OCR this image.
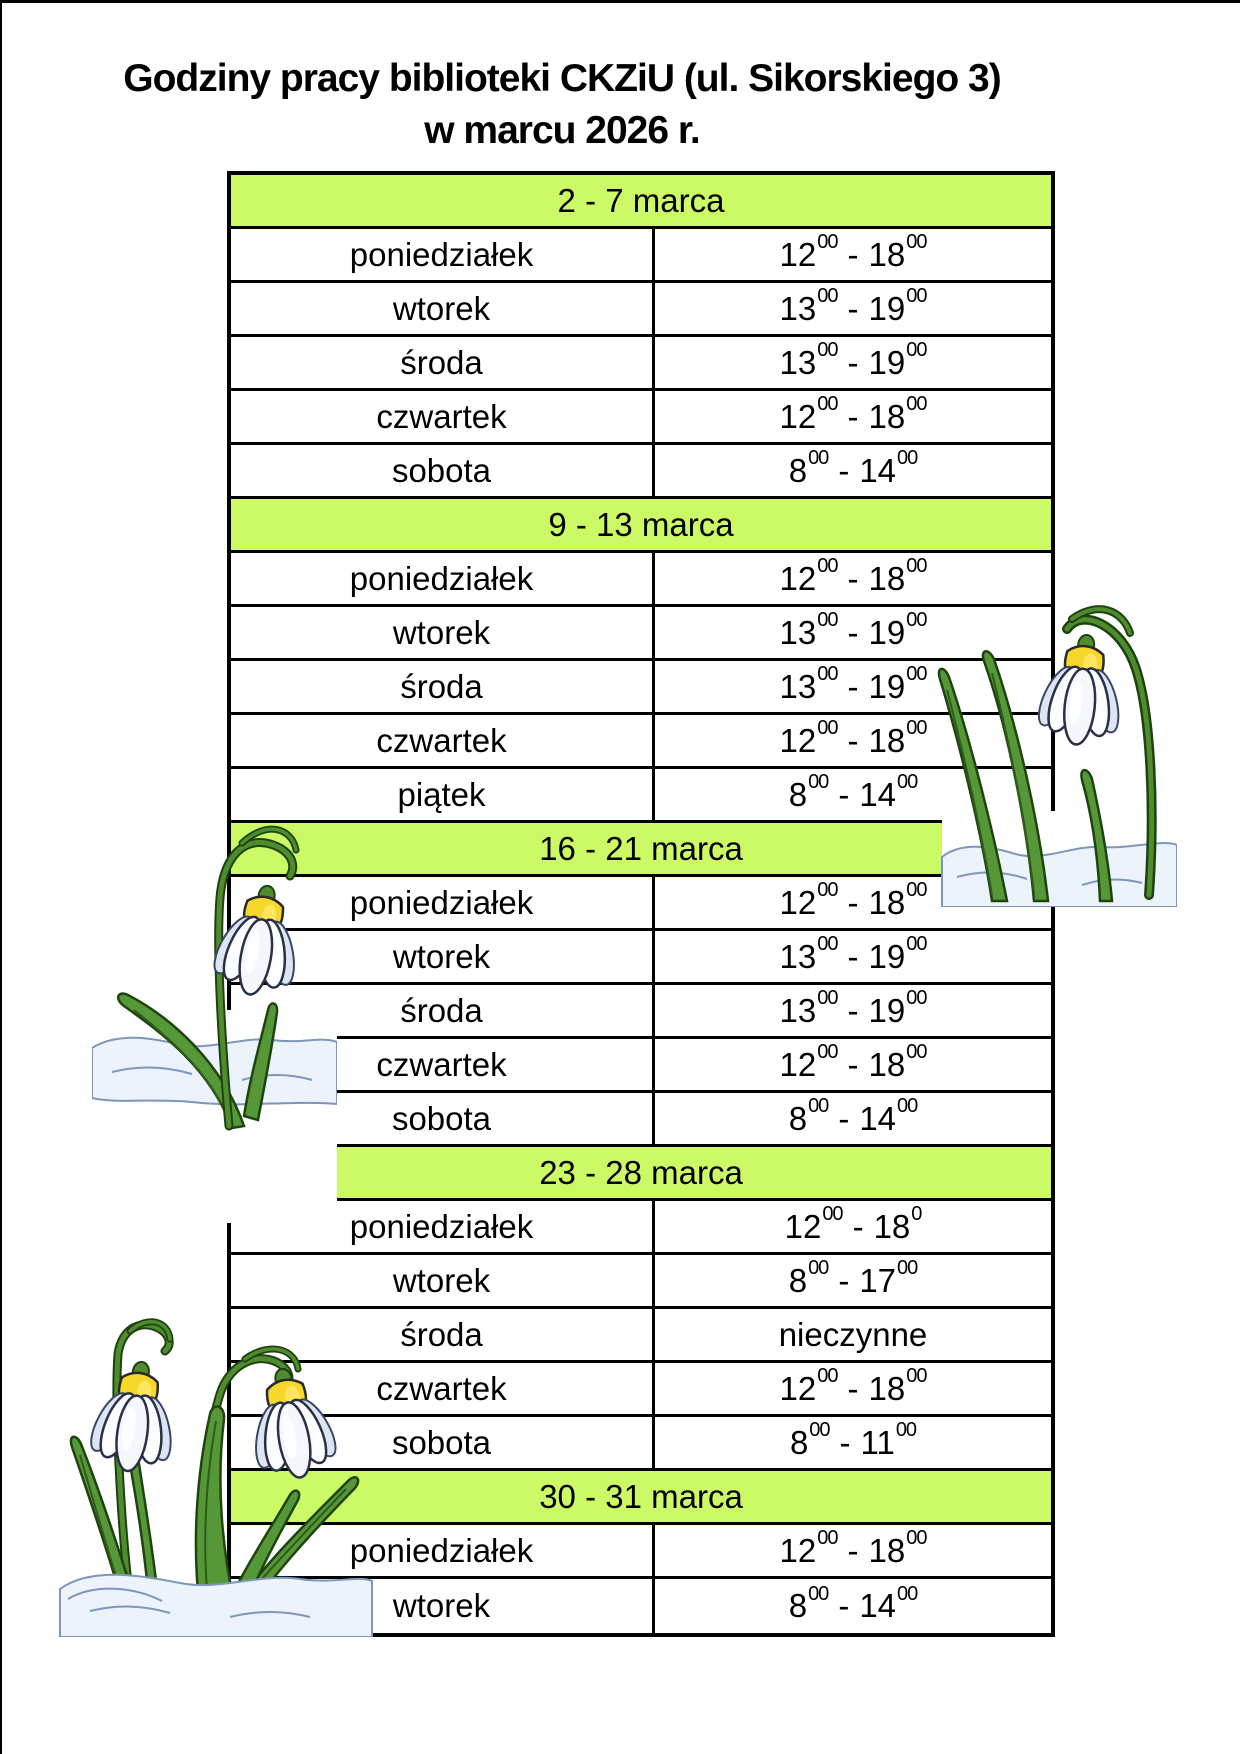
Godziny pracy biblioteki CKZiU (ul. Sikorskiego 3)
w marcu 2026 r.
2 - 7 marca
poniedziałek	12 00 - 18 00
wtorek	13 00 - 19 00
środa	13 00 - 19 00
czwartek	12 00 - 18 00
sobota	8 00 - 14 00
9 - 13 marca
poniedziałek	12 00 - 18 00
wtorek	13 00 - 19 00
środa	13 00 - 19 00
czwartek	12 00 - 18 00
piątek	8 00 - 14 00
16 - 21 marca
poniedziałek	12 00 - 18 00
wtorek	13 00 - 19 00
środa	13 00 - 19 00
czwartek	12 00 - 18 00
sobota	8 00 - 14 00
23 - 28 marca
poniedziałek	12 00 - 18 0
wtorek	8 00 - 17 00
środa	nieczynne
czwartek	12 00 - 18 00
sobota	8 00 - 11 00
30 - 31 marca
poniedziałek	12 00 - 18 00
wtorek	8 00 - 14 00
